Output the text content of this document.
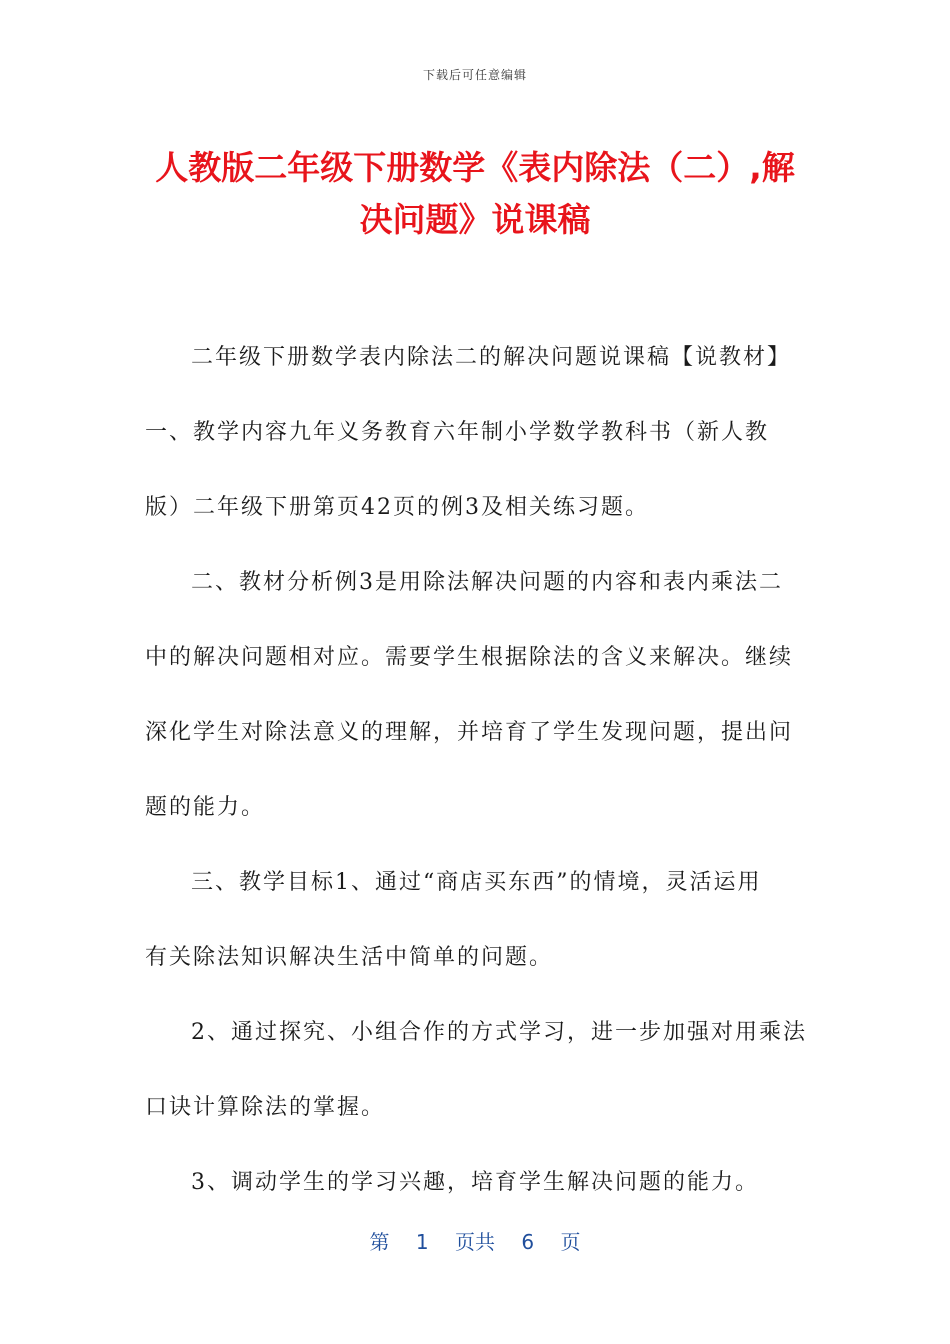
下载后可任意编辑
人教版二年级下册数学《表内除法（二）,解
决问题》说课稿

二年级下册数学表内除法二的解决问题说课稿【说教材】

一、教学内容九年义务教育六年制小学数学教科书（新人教

版）二年级下册第页42页的例3及相关练习题。

二、教材分析例3是用除法解决问题的内容和表内乘法二

中的解决问题相对应。需要学生根据除法的含义来解决。继续

深化学生对除法意义的理解，并培育了学生发现问题，提出问

题的能力。

三、教学目标1、通过“商店买东西”的情境，灵活运用

有关除法知识解决生活中简单的问题。

2、通过探究、小组合作的方式学习，进一步加强对用乘法

口诀计算除法的掌握。

3、调动学生的学习兴趣，培育学生解决问题的能力。

第 1 页共 6 页
